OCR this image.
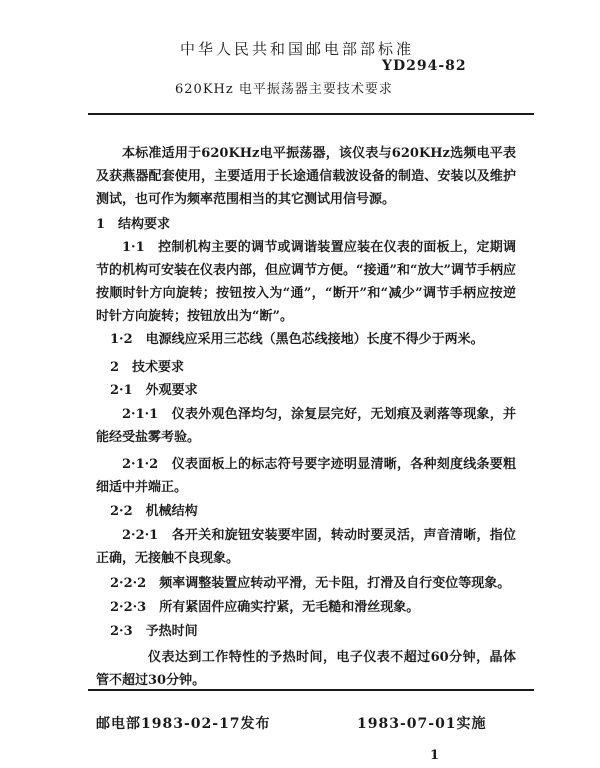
中华人民共和国邮电部部标准
YD294-82
620KHz 电平振荡器主要技术要求
本标准适用于620KHz电平振荡器，该仪表与620KHz选频电平表及获燕器配套使用，主要适用于长途通信载波设备的制造、安装以及维护测试，也可作为频率范围相当的其它测试用信号源。
1　结构要求
1·1　控制机构主要的调节或调谐装置应装在仪表的面板上，定期调节的机构可安装在仪表内部，但应调节方便。“接通”和“放大”调节手柄应按顺时针方向旋转；按钮按入为“通”，“断开”和“减少”调节手柄应按逆时针方向旋转；按钮放出为“断”。
1·2　电源线应采用三芯线（黑色芯线接地）长度不得少于两米。
2　技术要求
2·1　外观要求
2·1·1　仪表外观色泽均匀，涂复层完好，无划痕及剥落等现象，并能经受盐雾考验。
2·1·2　仪表面板上的标志符号要字迹明显清晰，各种刻度线条要粗细适中并端正。
2·2　机械结构
2·2·1　各开关和旋钮安装要牢固，转动时要灵活，声音清晰，指位正确，无接触不良现象。
2·2·2　频率调整装置应转动平滑，无卡阻，打滑及自行变位等现象。
2·2·3　所有紧固件应确实拧紧，无毛糙和滑丝现象。
2·3　予热时间
仪表达到工作特性的予热时间，电子仪表不超过60分钟，晶体管不超过30分钟。
邮电部1983-02-17发布	1983-07-01实施
1
